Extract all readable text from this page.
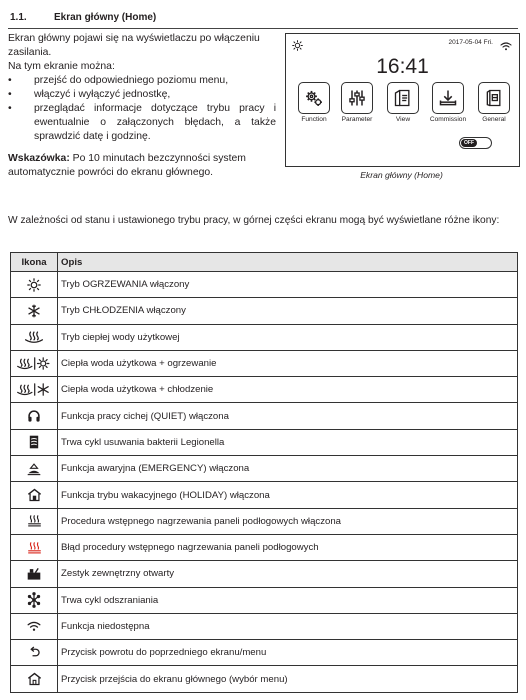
1.1.	Ekran główny (Home)

Ekran główny pojawi się na wyświetlaczu po włączeniu zasilania.

Na tym ekranie można:

• przejść do odpowiedniego poziomu menu,
• włączyć i wyłączyć jednostkę,
• przeglądać informacje dotyczące trybu pracy i ewentualnie o załączonych błędach, a także sprawdzić datę i godzinę.

Wskazówka: Po 10 minutach bezczynności system automatycznie powróci do ekranu głównego.

2017-05-04 Fri.
16:41
Function	Parameter	View	Commission	General
OFF
Ekran główny (Home)
W zależności od stanu i ustawionego trybu pracy, w górnej części ekranu mogą być wyświetlane różne ikony:
Ikona	Opis

	Tryb OGRZEWANIA włączony

	Tryb CHŁODZENIA włączony

	Tryb ciepłej wody użytkowej

	Ciepła woda użytkowa + ogrzewanie

	Ciepła woda użytkowa + chłodzenie

	Funkcja pracy cichej (QUIET) włączona

	Trwa cykl usuwania bakterii Legionella

	Funkcja awaryjna (EMERGENCY) włączona

	Funkcja trybu wakacyjnego (HOLIDAY) włączona

	Procedura wstępnego nagrzewania paneli podłogowych włączona

	Błąd procedury wstępnego nagrzewania paneli podłogowych

	Zestyk zewnętrzny otwarty

	Trwa cykl odszraniania

	Funkcja niedostępna

	Przycisk powrotu do poprzedniego ekranu/menu

	Przycisk przejścia do ekranu głównego (wybór menu)
